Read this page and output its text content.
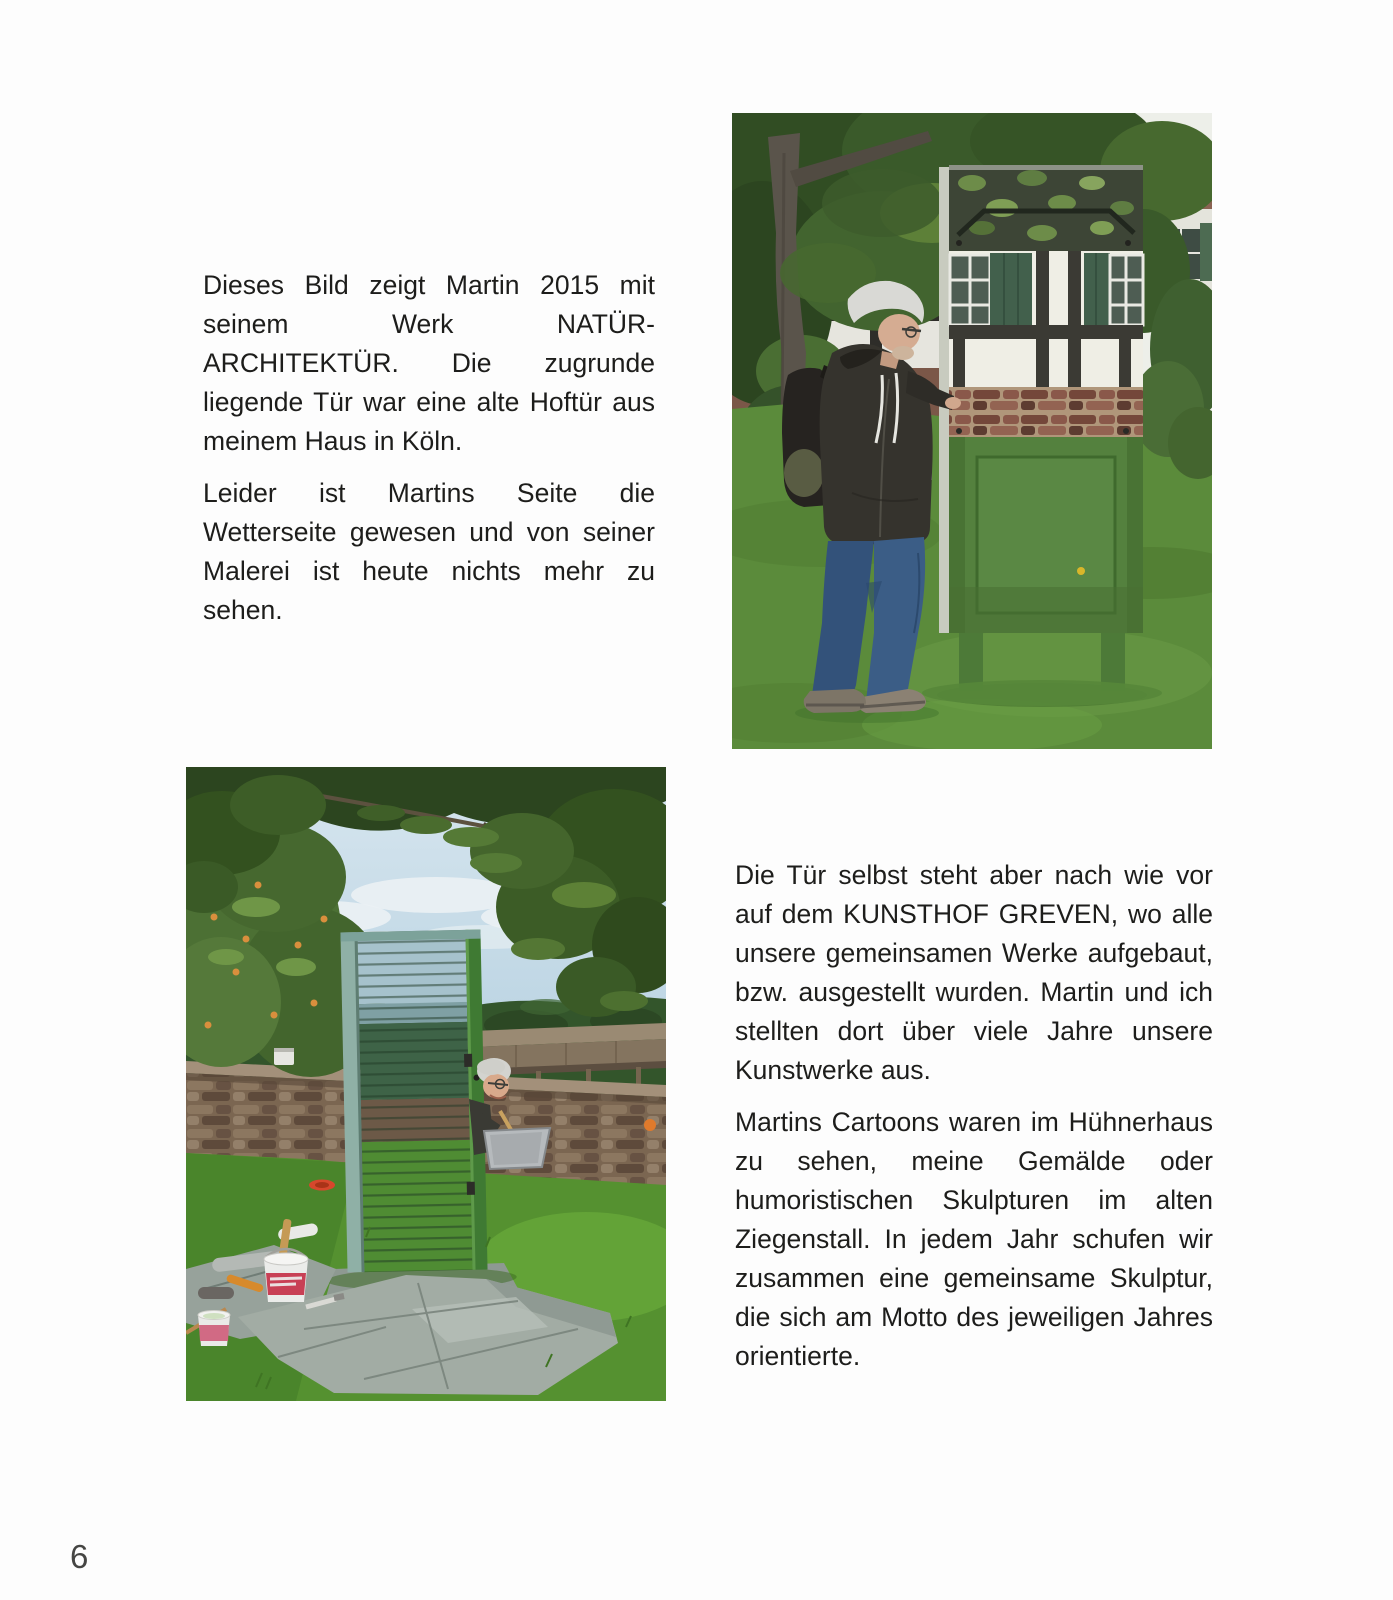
Dieses Bild zeigt Martin 2015 mit seinem Werk NATÜR-ARCHITEKTÜR. Die zugrunde liegende Tür war eine alte Hoftür aus meinem Haus in Köln.

Leider ist Martins Seite die Wetterseite gewesen und von seiner Malerei ist heute nichts mehr zu sehen.

Die Tür selbst steht aber nach wie vor auf dem KUNSTHOF GREVEN, wo alle unsere gemeinsamen Werke aufgebaut, bzw. ausgestellt wurden. Martin und ich stellten dort über viele Jahre unsere Kunstwerke aus.

Martins Cartoons waren im Hühnerhaus zu sehen, meine Gemälde oder humoristischen Skulpturen im alten Ziegenstall. In jedem Jahr schufen wir zusammen eine gemeinsame Skulptur, die sich am Motto des jeweiligen Jahres orientierte.

6
